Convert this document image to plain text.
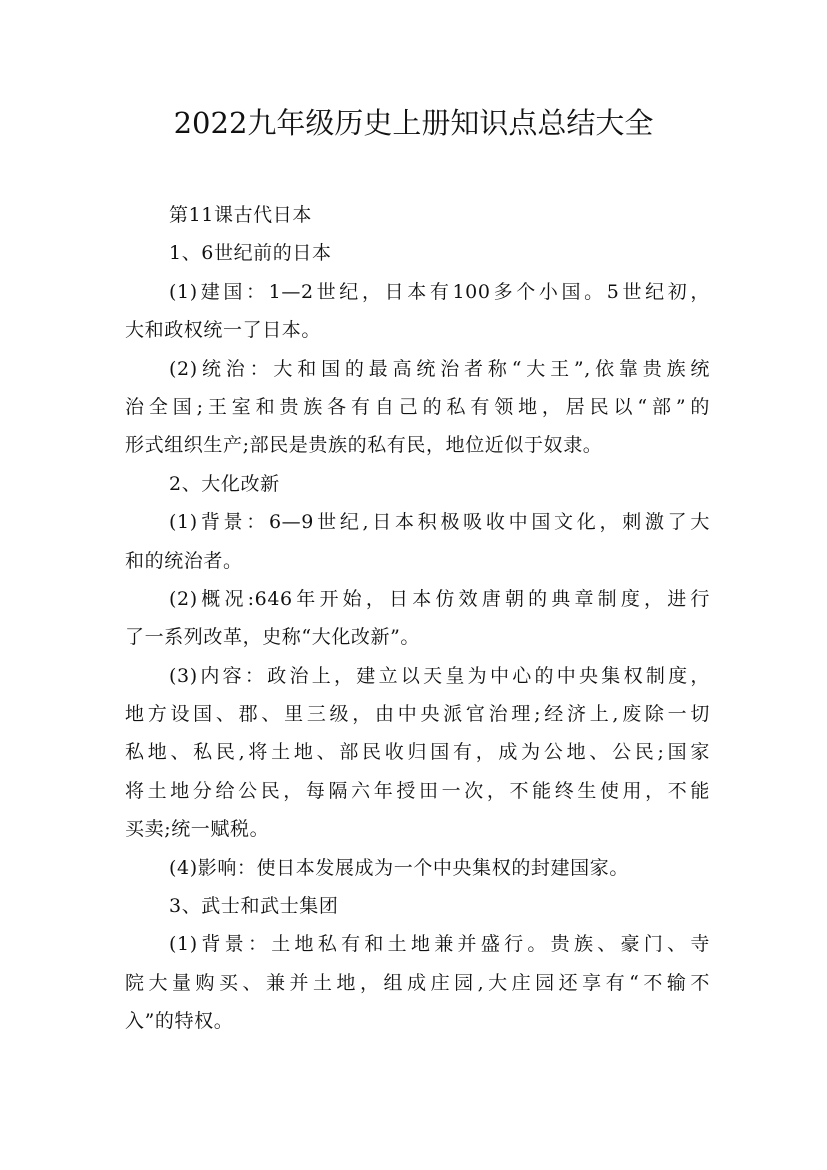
2022九年级历史上册知识点总结大全
第11课古代日本
1、6世纪前的日本
(1)建国：1—2世纪，日本有100多个小国。5世纪初，
大和政权统一了日本。
(2)统治：大和国的最高统治者称“大王”,依靠贵族统
治全国;王室和贵族各有自己的私有领地，居民以“部”的
形式组织生产;部民是贵族的私有民，地位近似于奴隶。
2、大化改新
(1)背景：6—9世纪,日本积极吸收中国文化，刺激了大
和的统治者。
(2)概况:646年开始，日本仿效唐朝的典章制度，进行
了一系列改革，史称“大化改新”。
(3)内容：政治上，建立以天皇为中心的中央集权制度，
地方设国、郡、里三级，由中央派官治理;经济上,废除一切
私地、私民,将土地、部民收归国有，成为公地、公民;国家
将土地分给公民，每隔六年授田一次，不能终生使用，不能
买卖;统一赋税。
(4)影响：使日本发展成为一个中央集权的封建国家。
3、武士和武士集团
(1)背景：土地私有和土地兼并盛行。贵族、豪门、寺
院大量购买、兼并土地，组成庄园,大庄园还享有“不输不
入”的特权。
